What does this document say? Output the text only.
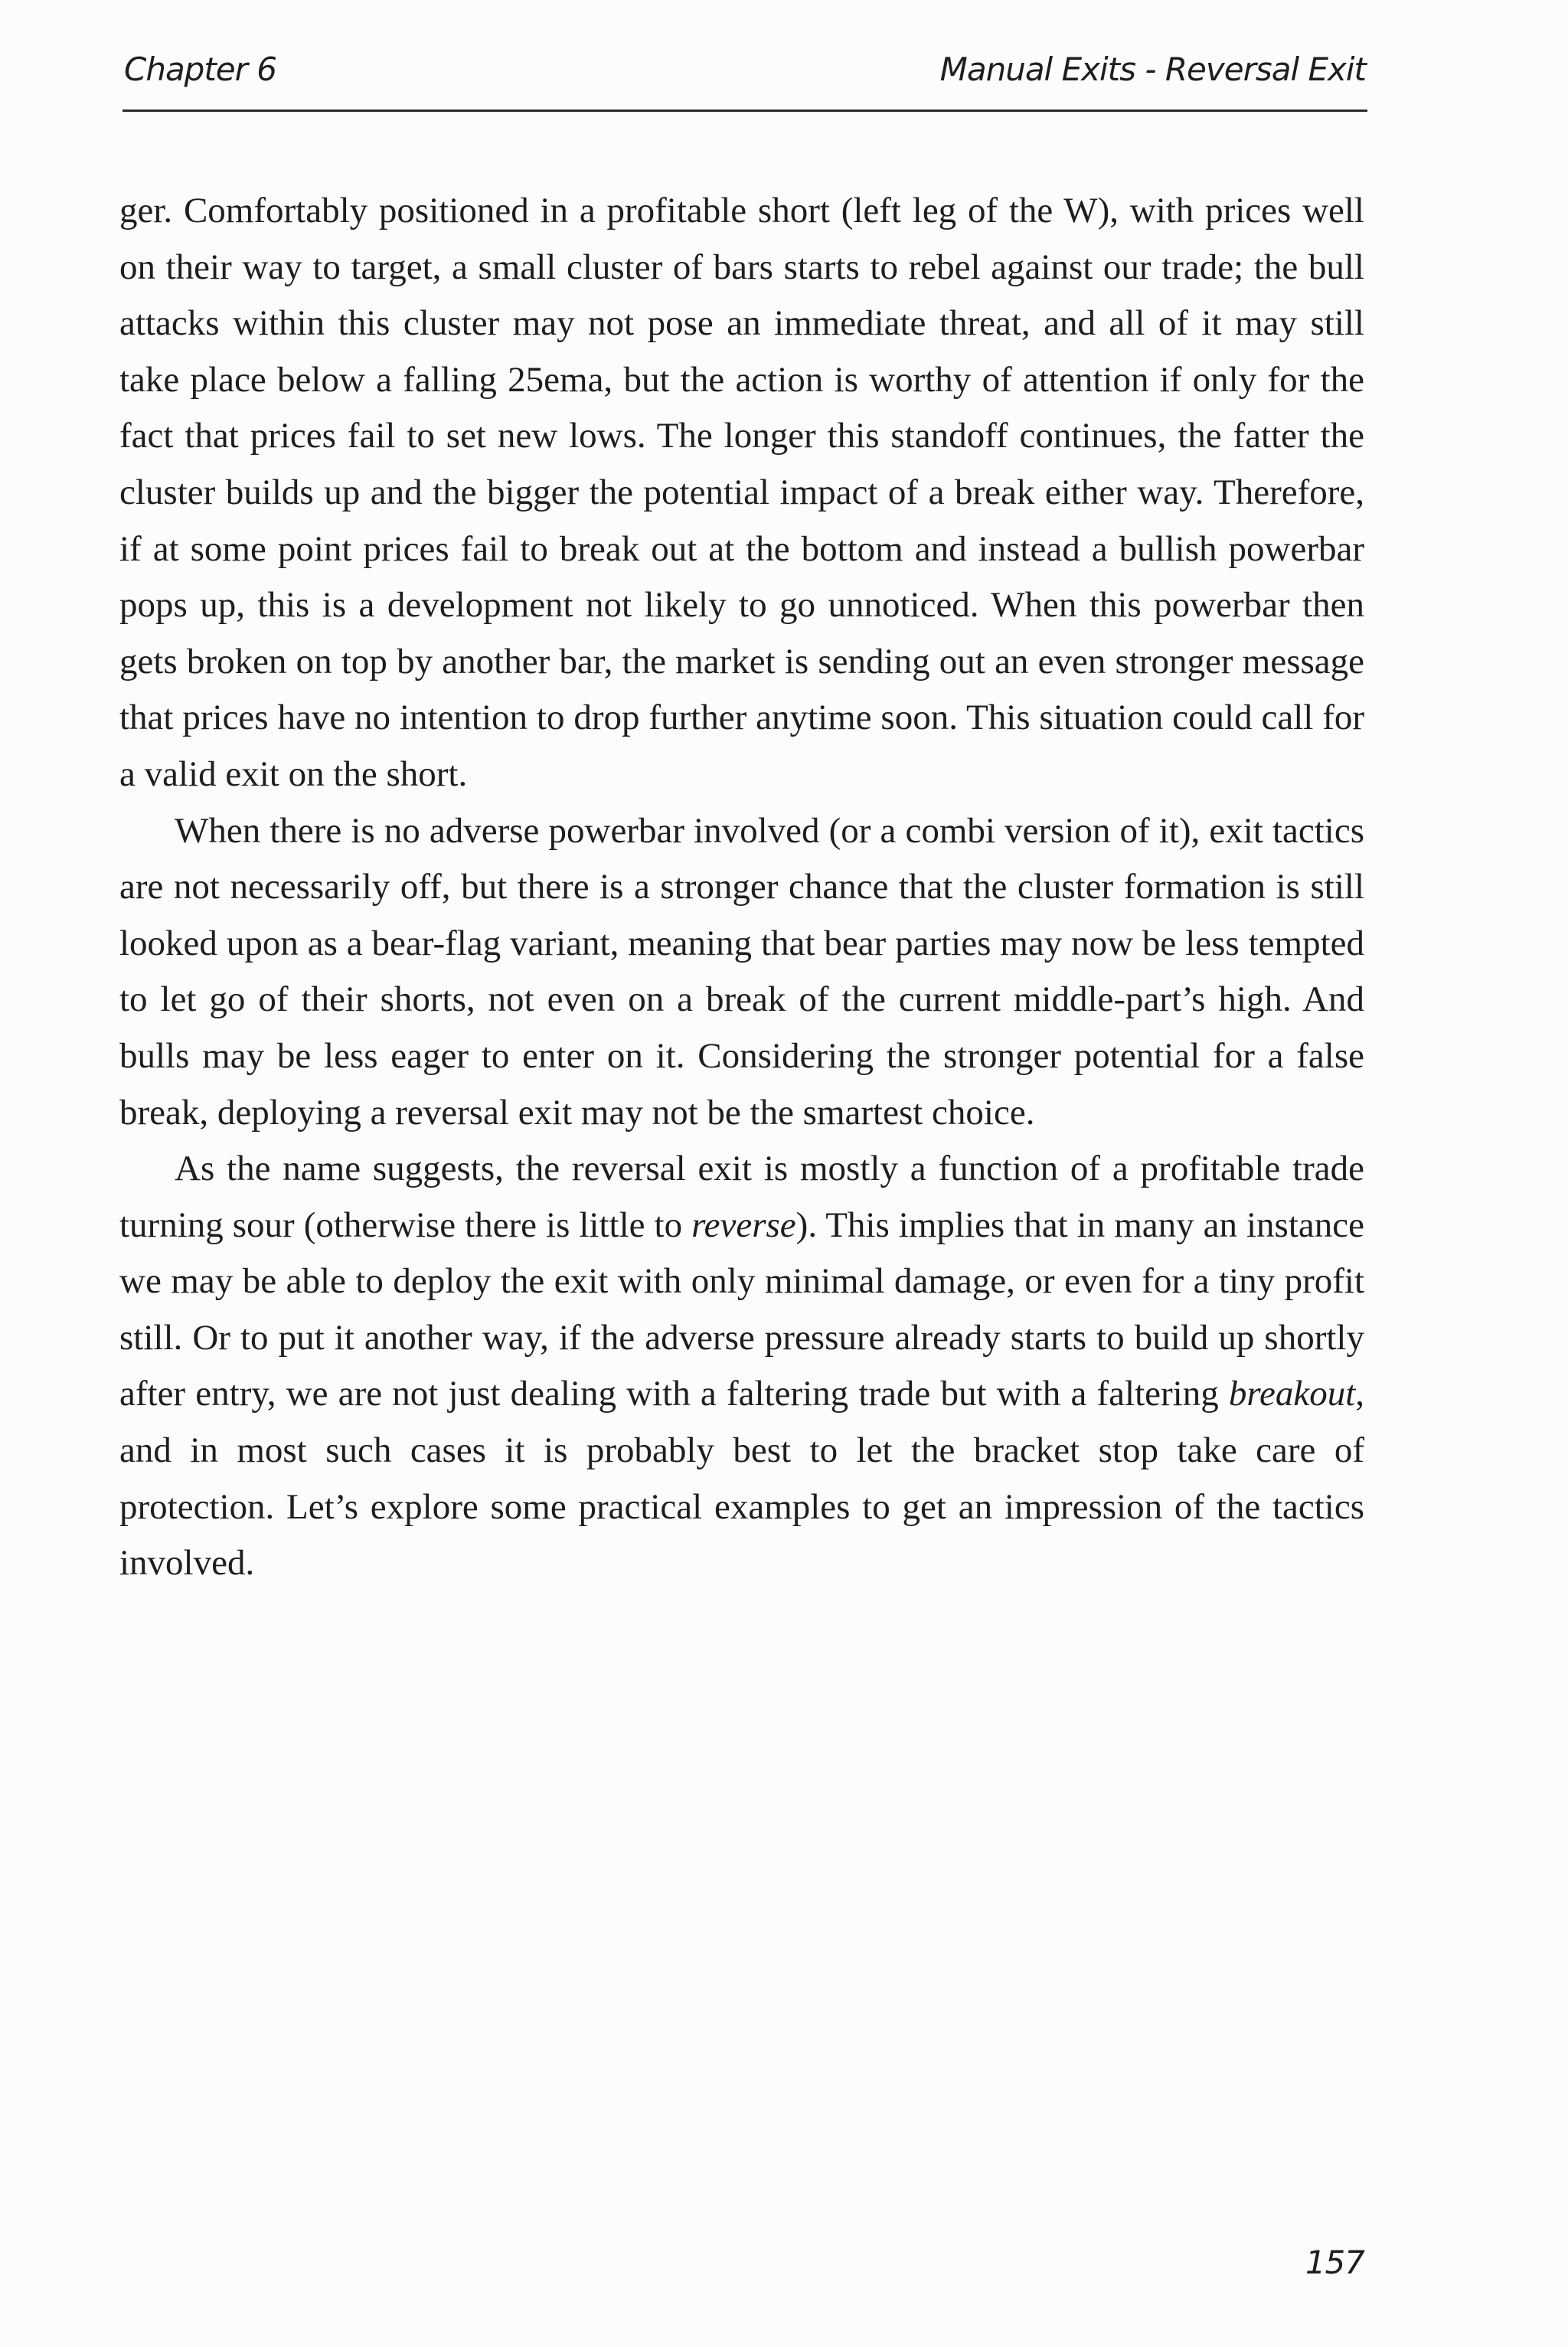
Chapter 6	Manual Exits - Reversal Exit

ger. Comfortably positioned in a profitable short (left leg of the W), with prices well on their way to target, a small cluster of bars starts to rebel against our trade; the bull attacks within this cluster may not pose an immediate threat, and all of it may still take place below a falling 25ema, but the action is worthy of attention if only for the fact that prices fail to set new lows. The longer this standoff continues, the fatter the cluster builds up and the bigger the potential impact of a break either way. Therefore, if at some point prices fail to break out at the bottom and instead a bullish powerbar pops up, this is a development not likely to go unnoticed. When this powerbar then gets broken on top by another bar, the market is sending out an even stronger message that prices have no intention to drop further anytime soon. This situation could call for a valid exit on the short.

When there is no adverse powerbar involved (or a combi version of it), exit tactics are not necessarily off, but there is a stronger chance that the cluster formation is still looked upon as a bear-flag variant, meaning that bear parties may now be less tempted to let go of their shorts, not even on a break of the current middle-part’s high. And bulls may be less eager to enter on it. Considering the stronger potential for a false break, deploying a reversal exit may not be the smartest choice.

As the name suggests, the reversal exit is mostly a function of a profitable trade turning sour (otherwise there is little to reverse). This implies that in many an instance we may be able to deploy the exit with only minimal damage, or even for a tiny profit still. Or to put it another way, if the adverse pressure already starts to build up shortly after entry, we are not just dealing with a faltering trade but with a faltering breakout, and in most such cases it is probably best to let the bracket stop take care of protection. Let’s explore some practical examples to get an impression of the tactics involved.

157
